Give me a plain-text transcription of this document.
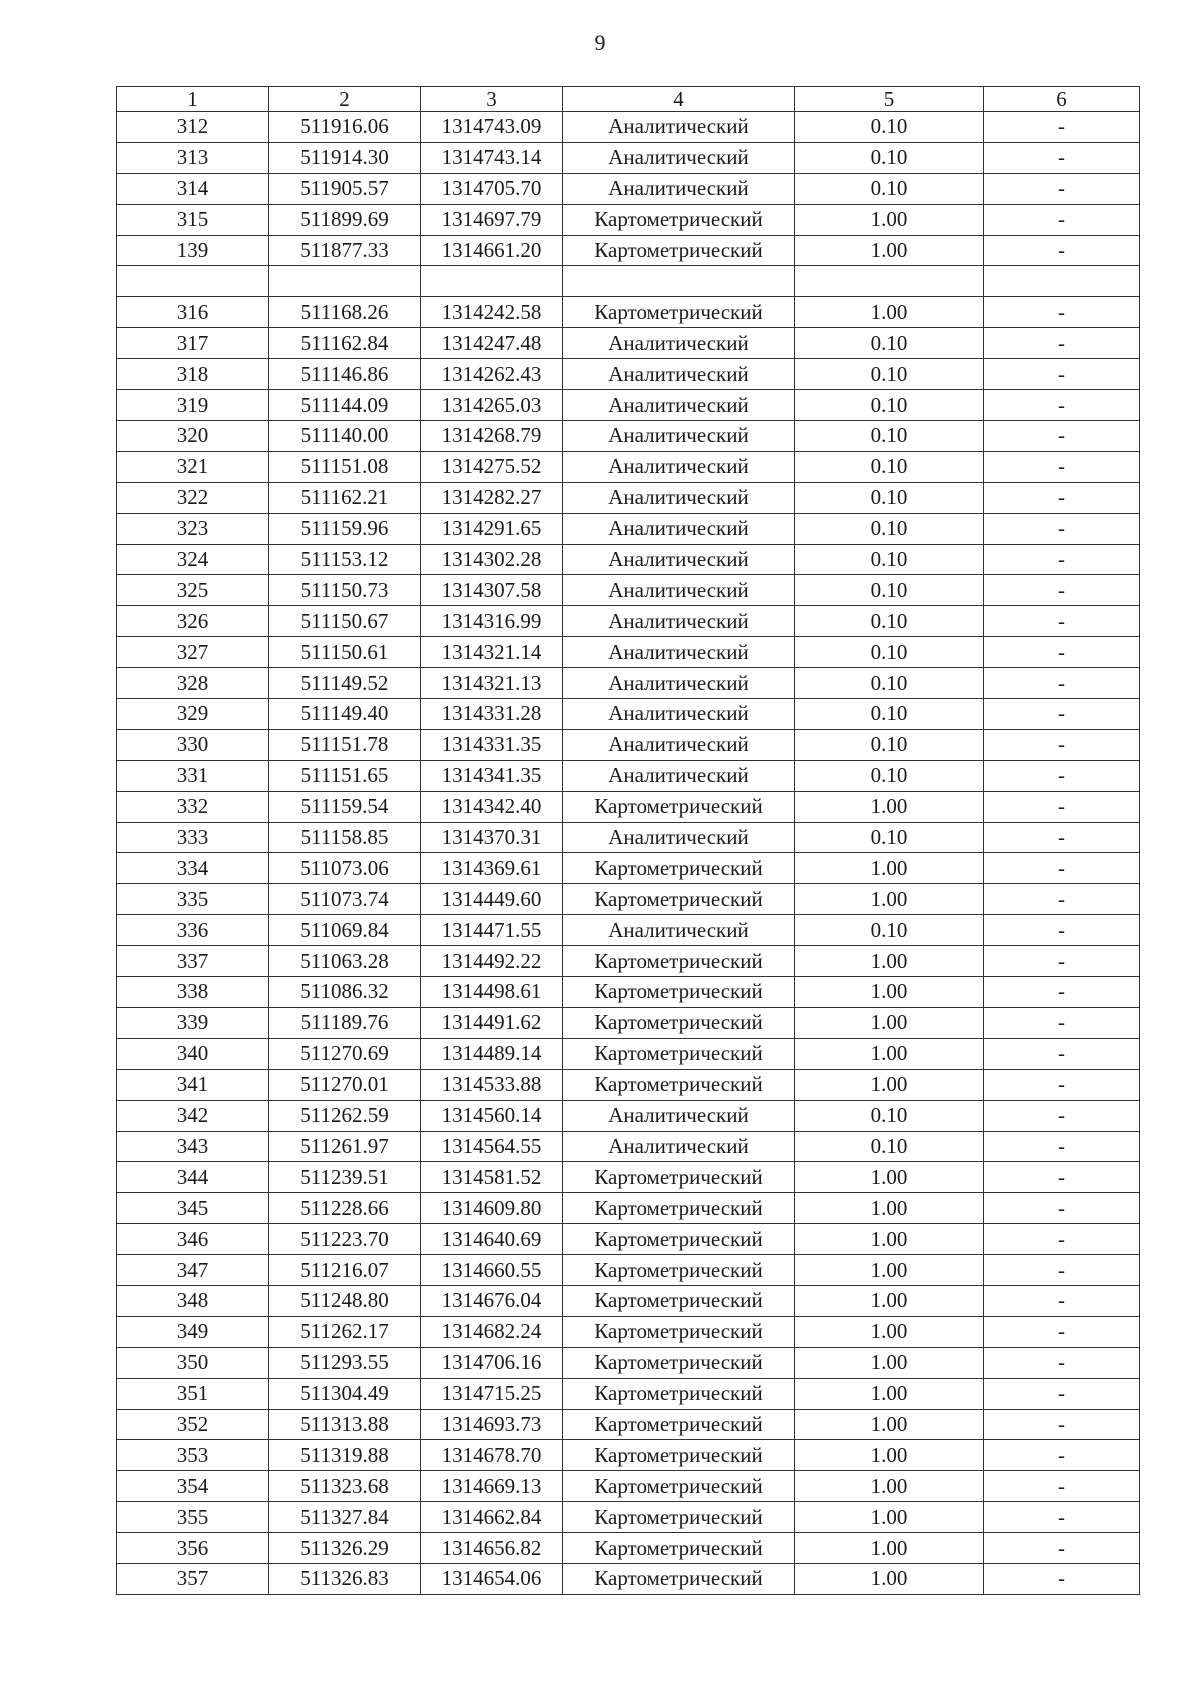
9
1	2	3	4	5	6
312	511916.06	1314743.09	Аналитический	0.10	-
313	511914.30	1314743.14	Аналитический	0.10	-
314	511905.57	1314705.70	Аналитический	0.10	-
315	511899.69	1314697.79	Картометрический	1.00	-
139	511877.33	1314661.20	Картометрический	1.00	-

316	511168.26	1314242.58	Картометрический	1.00	-
317	511162.84	1314247.48	Аналитический	0.10	-
318	511146.86	1314262.43	Аналитический	0.10	-
319	511144.09	1314265.03	Аналитический	0.10	-
320	511140.00	1314268.79	Аналитический	0.10	-
321	511151.08	1314275.52	Аналитический	0.10	-
322	511162.21	1314282.27	Аналитический	0.10	-
323	511159.96	1314291.65	Аналитический	0.10	-
324	511153.12	1314302.28	Аналитический	0.10	-
325	511150.73	1314307.58	Аналитический	0.10	-
326	511150.67	1314316.99	Аналитический	0.10	-
327	511150.61	1314321.14	Аналитический	0.10	-
328	511149.52	1314321.13	Аналитический	0.10	-
329	511149.40	1314331.28	Аналитический	0.10	-
330	511151.78	1314331.35	Аналитический	0.10	-
331	511151.65	1314341.35	Аналитический	0.10	-
332	511159.54	1314342.40	Картометрический	1.00	-
333	511158.85	1314370.31	Аналитический	0.10	-
334	511073.06	1314369.61	Картометрический	1.00	-
335	511073.74	1314449.60	Картометрический	1.00	-
336	511069.84	1314471.55	Аналитический	0.10	-
337	511063.28	1314492.22	Картометрический	1.00	-
338	511086.32	1314498.61	Картометрический	1.00	-
339	511189.76	1314491.62	Картометрический	1.00	-
340	511270.69	1314489.14	Картометрический	1.00	-
341	511270.01	1314533.88	Картометрический	1.00	-
342	511262.59	1314560.14	Аналитический	0.10	-
343	511261.97	1314564.55	Аналитический	0.10	-
344	511239.51	1314581.52	Картометрический	1.00	-
345	511228.66	1314609.80	Картометрический	1.00	-
346	511223.70	1314640.69	Картометрический	1.00	-
347	511216.07	1314660.55	Картометрический	1.00	-
348	511248.80	1314676.04	Картометрический	1.00	-
349	511262.17	1314682.24	Картометрический	1.00	-
350	511293.55	1314706.16	Картометрический	1.00	-
351	511304.49	1314715.25	Картометрический	1.00	-
352	511313.88	1314693.73	Картометрический	1.00	-
353	511319.88	1314678.70	Картометрический	1.00	-
354	511323.68	1314669.13	Картометрический	1.00	-
355	511327.84	1314662.84	Картометрический	1.00	-
356	511326.29	1314656.82	Картометрический	1.00	-
357	511326.83	1314654.06	Картометрический	1.00	-
